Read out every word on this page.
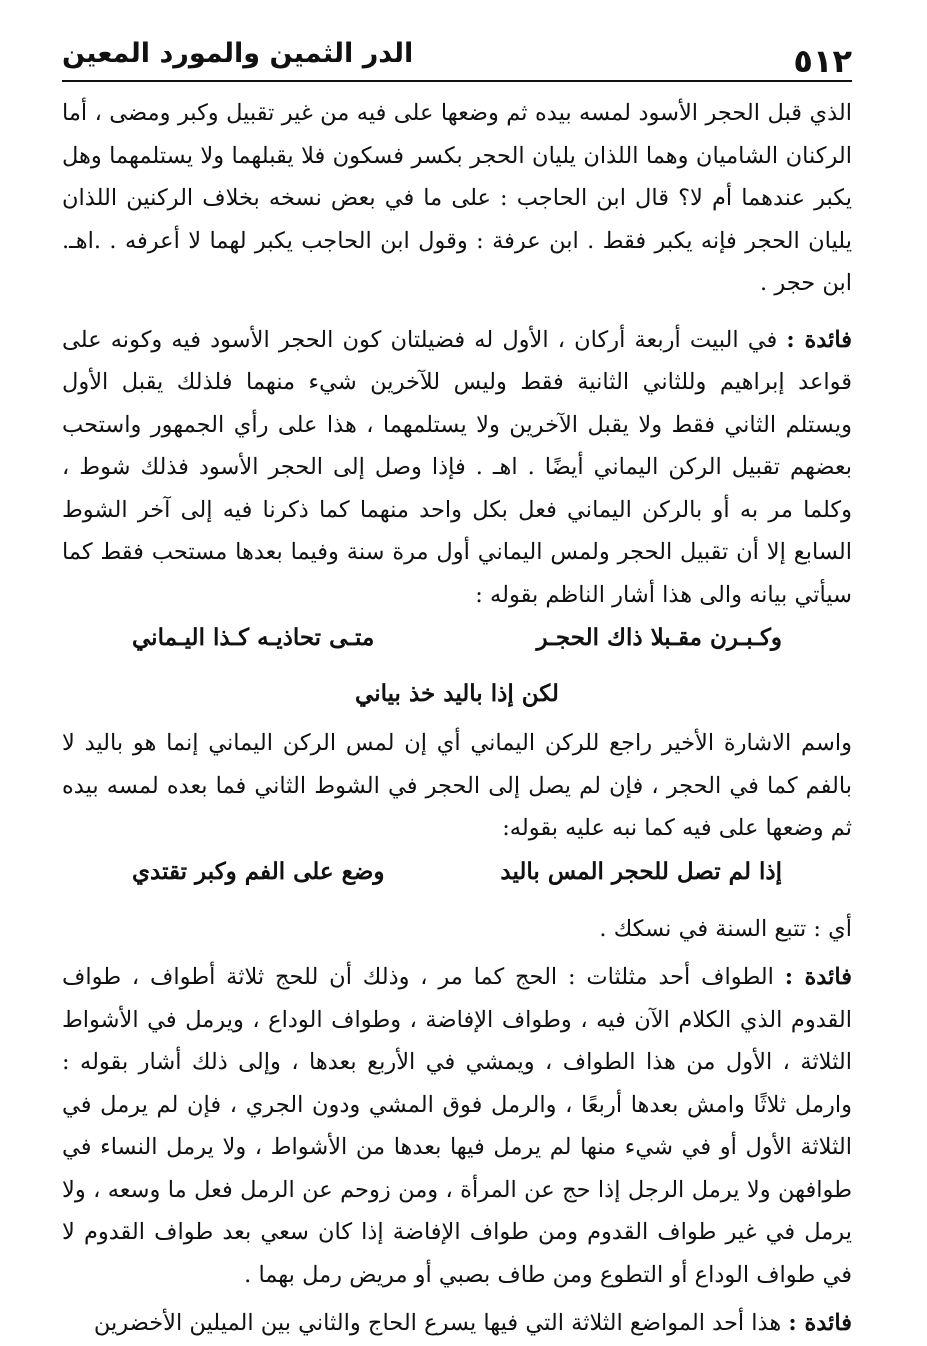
٥١٢
الدر الثمين والمورد المعين

الذي قبل الحجر الأسود لمسه بيده ثم وضعها على فيه من غير تقبيل وكبر ومضى ، أما الركنان الشاميان وهما اللذان يليان الحجر بكسر فسكون فلا يقبلهما ولا يستلمهما وهل يكبر عندهما أم لا؟ قال ابن الحاجب : على ما في بعض نسخه بخلاف الركنين اللذان يليان الحجر فإنه يكبر فقط . ابن عرفة : وقول ابن الحاجب يكبر لهما لا أعرفه . .اهـ. ابن حجر .

فائدة : في البيت أربعة أركان ، الأول له فضيلتان كون الحجر الأسود فيه وكونه على قواعد إبراهيم وللثاني الثانية فقط وليس للآخرين شيء منهما فلذلك يقبل الأول ويستلم الثاني فقط ولا يقبل الآخرين ولا يستلمهما ، هذا على رأي الجمهور واستحب بعضهم تقبيل الركن اليماني أيضًا . اهـ . فإذا وصل إلى الحجر الأسود فذلك شوط ، وكلما مر به أو بالركن اليماني فعل بكل واحد منهما كما ذكرنا فيه إلى آخر الشوط السابع إلا أن تقبيل الحجر ولمس اليماني أول مرة سنة وفيما بعدها مستحب فقط كما سيأتي بيانه والى هذا أشار الناظم بقوله :

وكـبـرن مقـبلا ذاك الحجـر
متـى تحاذيـه كـذا اليـماني
لكن إذا باليد خذ بياني

واسم الاشارة الأخير راجع للركن اليماني أي إن لمس الركن اليماني إنما هو باليد لا بالفم كما في الحجر ، فإن لم يصل إلى الحجر في الشوط الثاني فما بعده لمسه بيده ثم وضعها على فيه كما نبه عليه بقوله:

إذا لم تصل للحجر المس باليد
وضع على الفم وكبر تقتدي

أي : تتبع السنة في نسكك .

فائدة : الطواف أحد مثلثات : الحج كما مر ، وذلك أن للحج ثلاثة أطواف ، طواف القدوم الذي الكلام الآن فيه ، وطواف الإفاضة ، وطواف الوداع ، ويرمل في الأشواط الثلاثة ، الأول من هذا الطواف ، ويمشي في الأربع بعدها ، وإلى ذلك أشار بقوله : وارمل ثلاثًا وامش بعدها أربعًا ، والرمل فوق المشي ودون الجري ، فإن لم يرمل في الثلاثة الأول أو في شيء منها لم يرمل فيها بعدها من الأشواط ، ولا يرمل النساء في طوافهن ولا يرمل الرجل إذا حج عن المرأة ، ومن زوحم عن الرمل فعل ما وسعه ، ولا يرمل في غير طواف القدوم ومن طواف الإفاضة إذا كان سعي بعد طواف القدوم لا في طواف الوداع أو التطوع ومن طاف بصبي أو مريض رمل بهما .

فائدة : هذا أحد المواضع الثلاثة التي فيها يسرع الحاج والثاني بين الميلين الأخضرين
